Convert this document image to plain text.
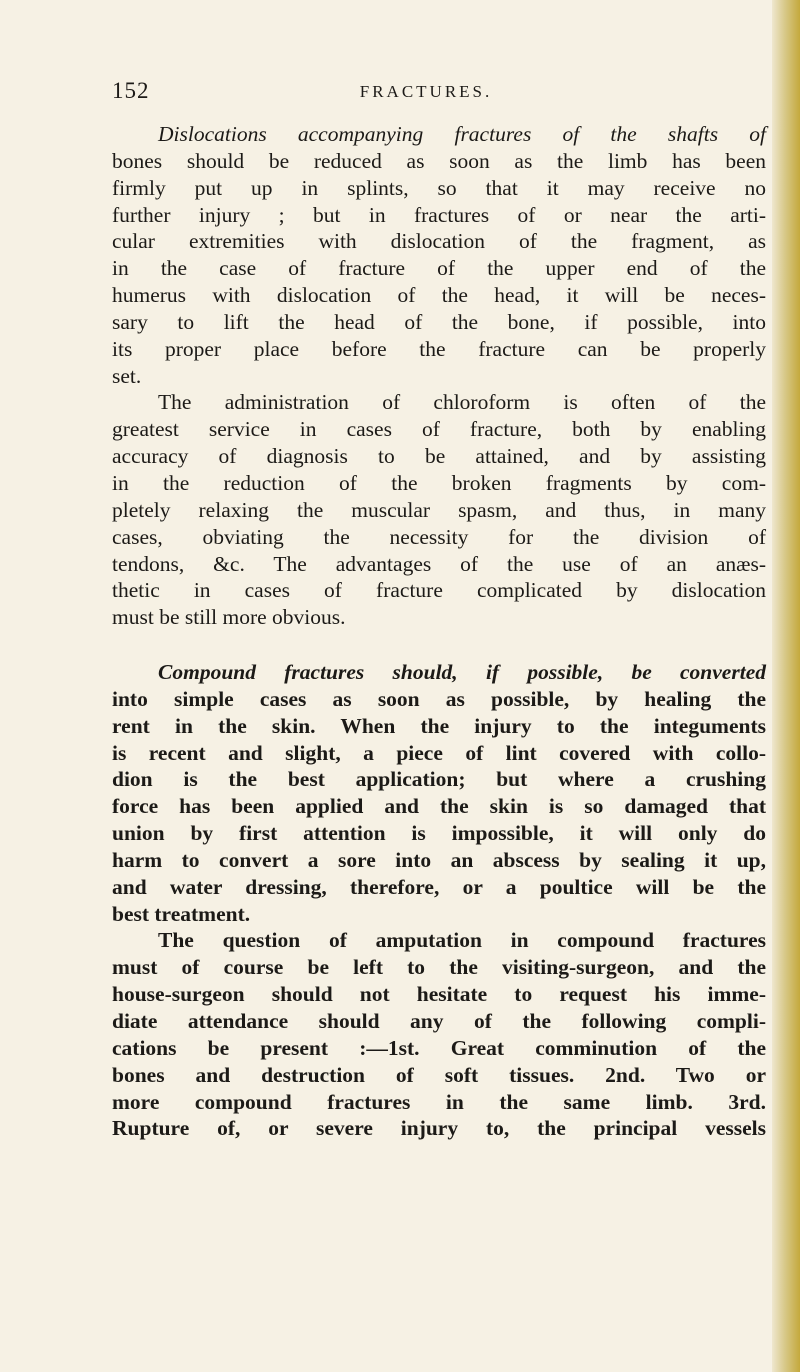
152	FRACTURES.
Dislocations accompanying fractures of the shafts of
bones should be reduced as soon as the limb has been
firmly put up in splints, so that it may receive no
further injury ; but in fractures of or near the arti-
cular extremities with dislocation of the fragment, as
in the case of fracture of the upper end of the
humerus with dislocation of the head, it will be neces-
sary to lift the head of the bone, if possible, into
its proper place before the fracture can be properly
set.
The administration of chloroform is often of the
greatest service in cases of fracture, both by enabling
accuracy of diagnosis to be attained, and by assisting
in the reduction of the broken fragments by com-
pletely relaxing the muscular spasm, and thus, in many
cases, obviating the necessity for the division of
tendons, &c. The advantages of the use of an anæs-
thetic in cases of fracture complicated by dislocation
must be still more obvious.
Compound fractures should, if possible, be converted
into simple cases as soon as possible, by healing the
rent in the skin. When the injury to the integuments
is recent and slight, a piece of lint covered with collo-
dion is the best application; but where a crushing
force has been applied and the skin is so damaged that
union by first attention is impossible, it will only do
harm to convert a sore into an abscess by sealing it up,
and water dressing, therefore, or a poultice will be the
best treatment.
The question of amputation in compound fractures
must of course be left to the visiting-surgeon, and the
house-surgeon should not hesitate to request his imme-
diate attendance should any of the following compli-
cations be present :—1st. Great comminution of the
bones and destruction of soft tissues. 2nd. Two or
more compound fractures in the same limb. 3rd.
Rupture of, or severe injury to, the principal vessels
